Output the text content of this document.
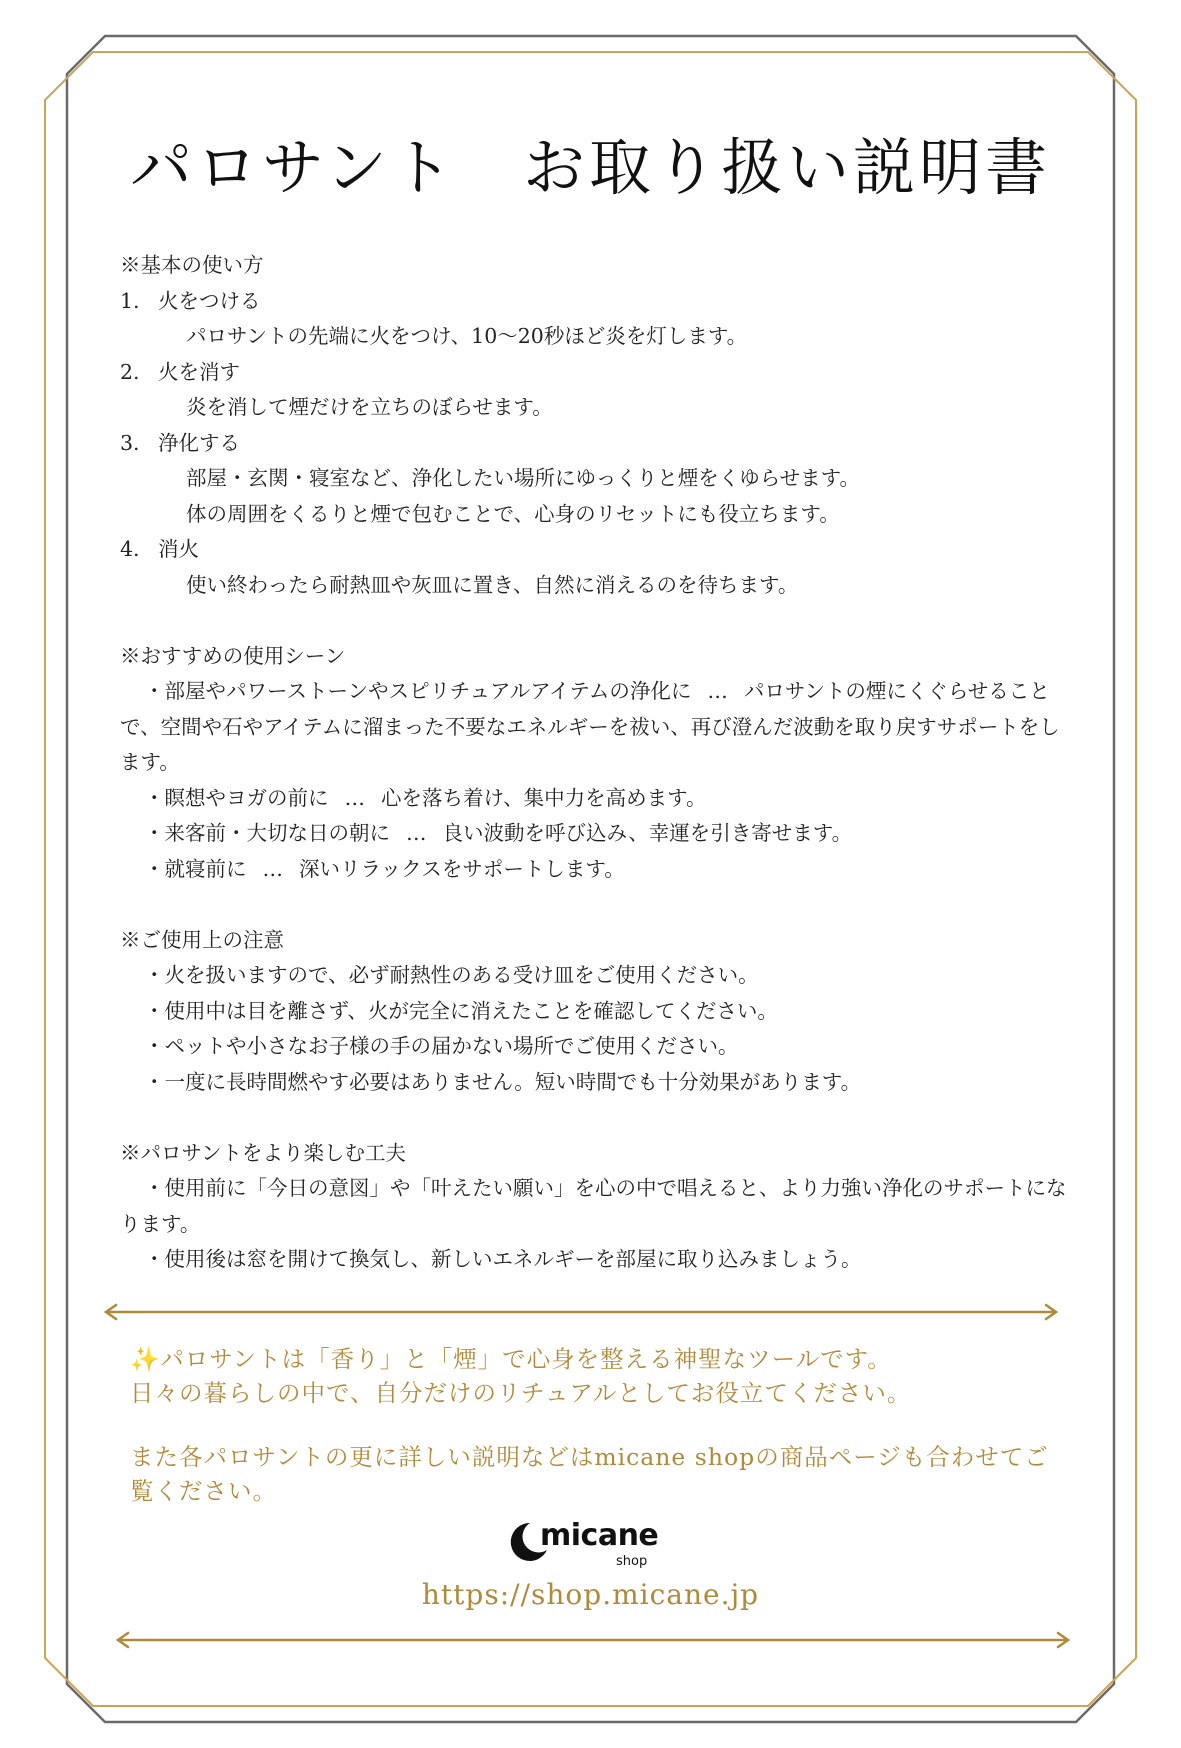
パロサント　お取り扱い説明書
※基本の使い方
1. 火をつける
パロサントの先端に火をつけ、10〜20秒ほど炎を灯します。
2. 火を消す
炎を消して煙だけを立ちのぼらせます。
3. 浄化する
部屋・玄関・寝室など、浄化したい場所にゆっくりと煙をくゆらせます。
体の周囲をくるりと煙で包むことで、心身のリセットにも役立ちます。
4. 消火
使い終わったら耐熱皿や灰皿に置き、自然に消えるのを待ちます。
※おすすめの使用シーン
・部屋やパワーストーンやスピリチュアルアイテムの浄化に … パロサントの煙にくぐらせることで、空間や石やアイテムに溜まった不要なエネルギーを祓い、再び澄んだ波動を取り戻すサポートをします。
・瞑想やヨガの前に … 心を落ち着け、集中力を高めます。
・来客前・大切な日の朝に … 良い波動を呼び込み、幸運を引き寄せます。
・就寝前に … 深いリラックスをサポートします。
※ご使用上の注意
・火を扱いますので、必ず耐熱性のある受け皿をご使用ください。
・使用中は目を離さず、火が完全に消えたことを確認してください。
・ペットや小さなお子様の手の届かない場所でご使用ください。
・一度に長時間燃やす必要はありません。短い時間でも十分効果があります。
※パロサントをより楽しむ工夫
・使用前に「今日の意図」や「叶えたい願い」を心の中で唱えると、より力強い浄化のサポートになります。
・使用後は窓を開けて換気し、新しいエネルギーを部屋に取り込みましょう。
✨パロサントは「香り」と「煙」で心身を整える神聖なツールです。
日々の暮らしの中で、自分だけのリチュアルとしてお役立てください。
また各パロサントの更に詳しい説明などはmicane shopの商品ページも合わせてご覧ください。
micane
shop
https://shop.micane.jp
